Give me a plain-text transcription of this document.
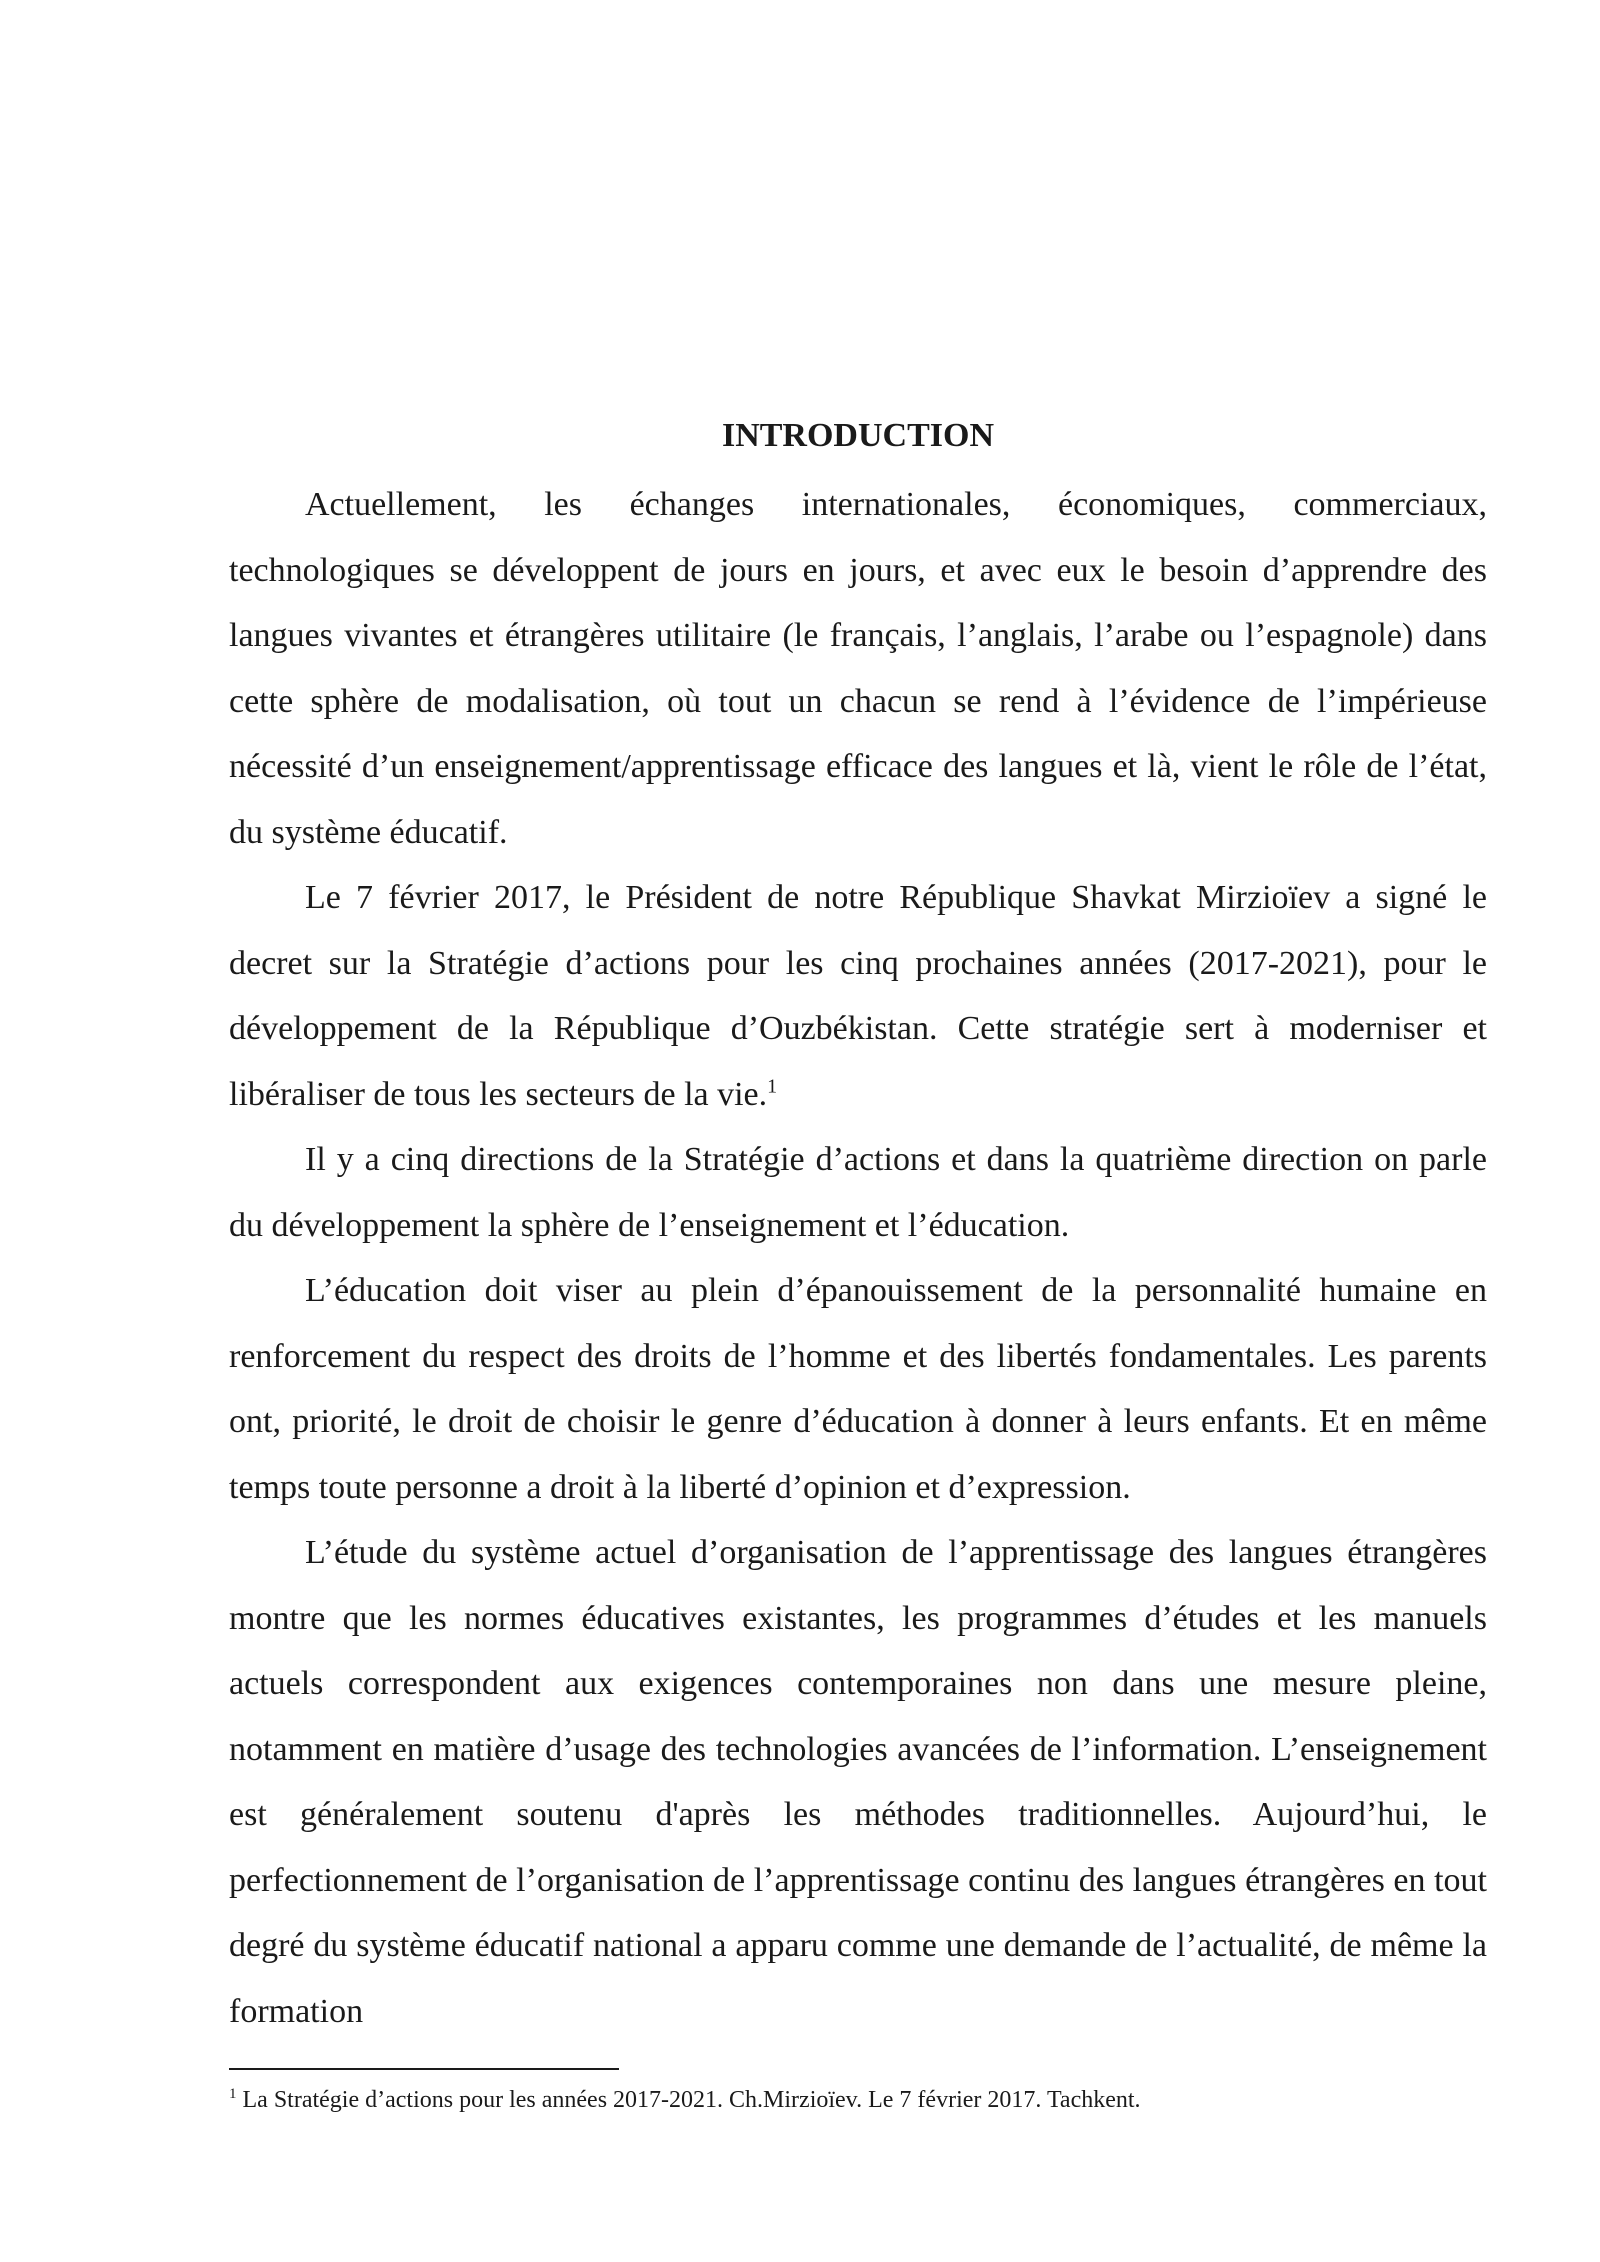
INTRODUCTION

Actuellement, les échanges internationales, économiques, commerciaux, technologiques se développent de jours en jours, et avec eux le besoin d’apprendre des langues vivantes et étrangères utilitaire (le français, l’anglais, l’arabe ou l’espagnole) dans cette sphère de modalisation, où tout un chacun se rend à l’évidence de l’impérieuse nécessité d’un enseignement/apprentissage efficace des langues et là, vient le rôle de l’état, du système éducatif.

Le 7 février 2017, le Président de notre République Shavkat Mirzioïev a signé le decret sur la Stratégie d’actions pour les cinq prochaines années (2017-2021), pour le développement de la République d’Ouzbékistan. Cette stratégie sert à moderniser et libéraliser de tous les secteurs de la vie.$^1$

Il y a cinq directions de la Stratégie d’actions et dans la quatrième direction on parle du développement la sphère de l’enseignement et l’éducation.

L’éducation doit viser au plein d’épanouissement de la personnalité humaine en renforcement du respect des droits de l’homme et des libertés fondamentales. Les parents ont, priorité, le droit de choisir le genre d’éducation à donner à leurs enfants. Et en même temps toute personne a droit à la liberté d’opinion et d’expression.

L’étude du système actuel d’organisation de l’apprentissage des langues étrangères montre que les normes éducatives existantes, les programmes d’études et les manuels actuels correspondent aux exigences contemporaines non dans une mesure pleine, notamment en matière d’usage des technologies avancées de l’information. L’enseignement est généralement soutenu d'après les méthodes traditionnelles. Aujourd’hui, le perfectionnement de l’organisation de l’apprentissage continu des langues étrangères en tout degré du système éducatif national a apparu comme une demande de l’actualité, de même la formation

$^1$ La Stratégie d’actions pour les années 2017-2021. Ch.Mirzioïev. Le 7 février 2017. Tachkent.
